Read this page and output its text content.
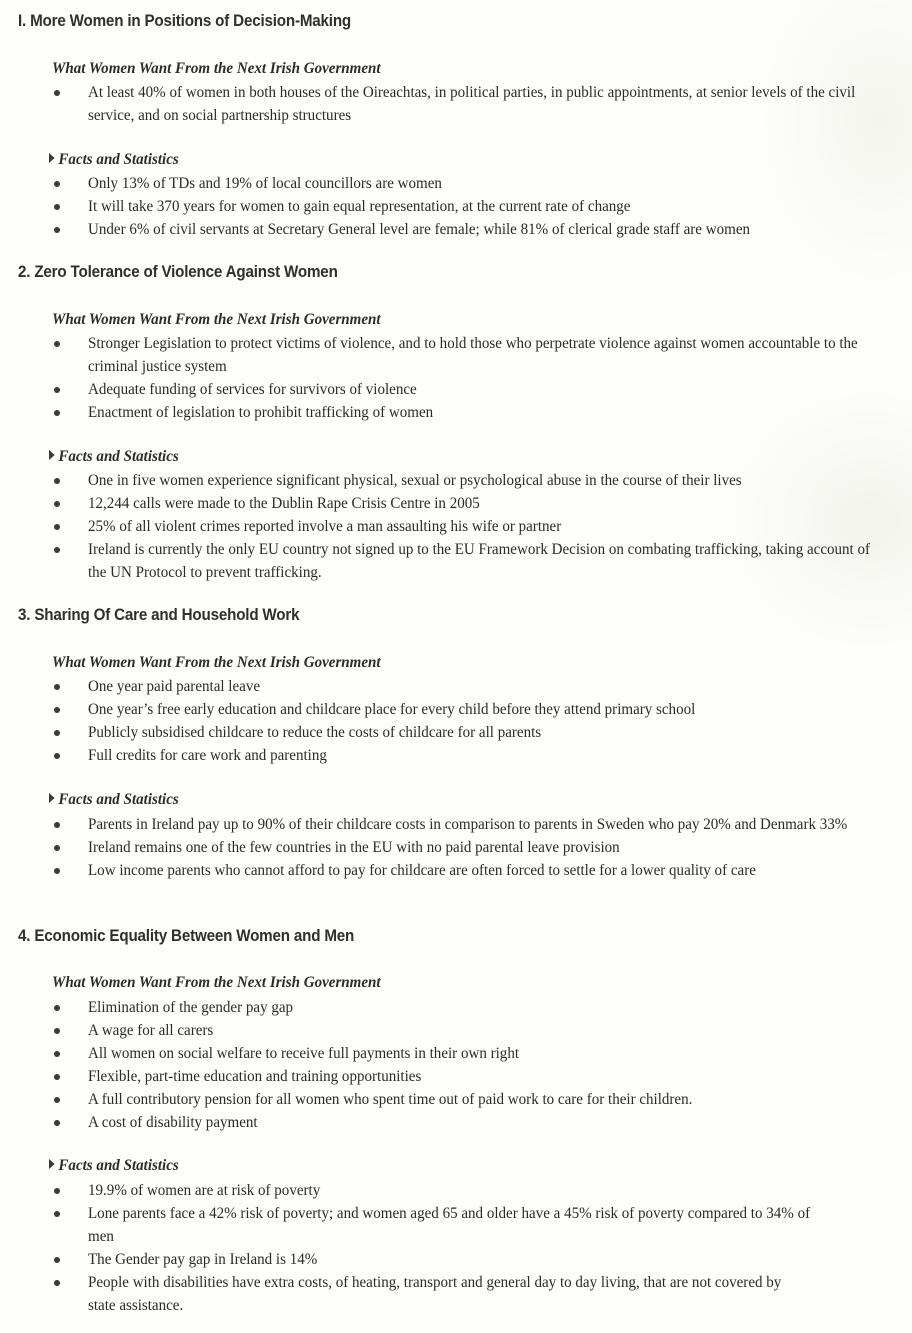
I. More Women in Positions of Decision-Making
What Women Want From the Next Irish Government
At least 40% of women in both houses of the Oireachtas, in political parties, in public appointments, at senior levels of the civil service, and on social partnership structures
Facts and Statistics
Only 13% of TDs and 19% of local councillors are women
It will take 370 years for women to gain equal representation, at the current rate of change
Under 6% of civil servants at Secretary General level are female; while 81% of clerical grade staff are women
2. Zero Tolerance of Violence Against Women
What Women Want From the Next Irish Government
Stronger Legislation to protect victims of violence, and to hold those who perpetrate violence against women accountable to the criminal justice system
Adequate funding of services for survivors of violence
Enactment of legislation to prohibit trafficking of women
Facts and Statistics
One in five women experience significant physical, sexual or psychological abuse in the course of their lives
12,244 calls were made to the Dublin Rape Crisis Centre in 2005
25% of all violent crimes reported involve a man assaulting his wife or partner
Ireland is currently the only EU country not signed up to the EU Framework Decision on combating trafficking, taking account of the UN Protocol to prevent trafficking.
3. Sharing Of Care and Household Work
What Women Want From the Next Irish Government
One year paid parental leave
One year’s free early education and childcare place for every child before they attend primary school
Publicly subsidised childcare to reduce the costs of childcare for all parents
Full credits for care work and parenting
Facts and Statistics
Parents in Ireland pay up to 90% of their childcare costs in comparison to parents in Sweden who pay 20% and Denmark 33%
Ireland remains one of the few countries in the EU with no paid parental leave provision
Low income parents who cannot afford to pay for childcare are often forced to settle for a lower quality of care
4. Economic Equality Between Women and Men
What Women Want From the Next Irish Government
Elimination of the gender pay gap
A wage for all carers
All women on social welfare to receive full payments in their own right
Flexible, part-time education and training opportunities
A full contributory pension for all women who spent time out of paid work to care for their children.
A cost of disability payment
Facts and Statistics
19.9% of women are at risk of poverty
Lone parents face a 42% risk of poverty; and women aged 65 and older have a 45% risk of poverty compared to 34% of men
The Gender pay gap in Ireland is 14%
People with disabilities have extra costs, of heating, transport and general day to day living, that are not covered by state assistance.
